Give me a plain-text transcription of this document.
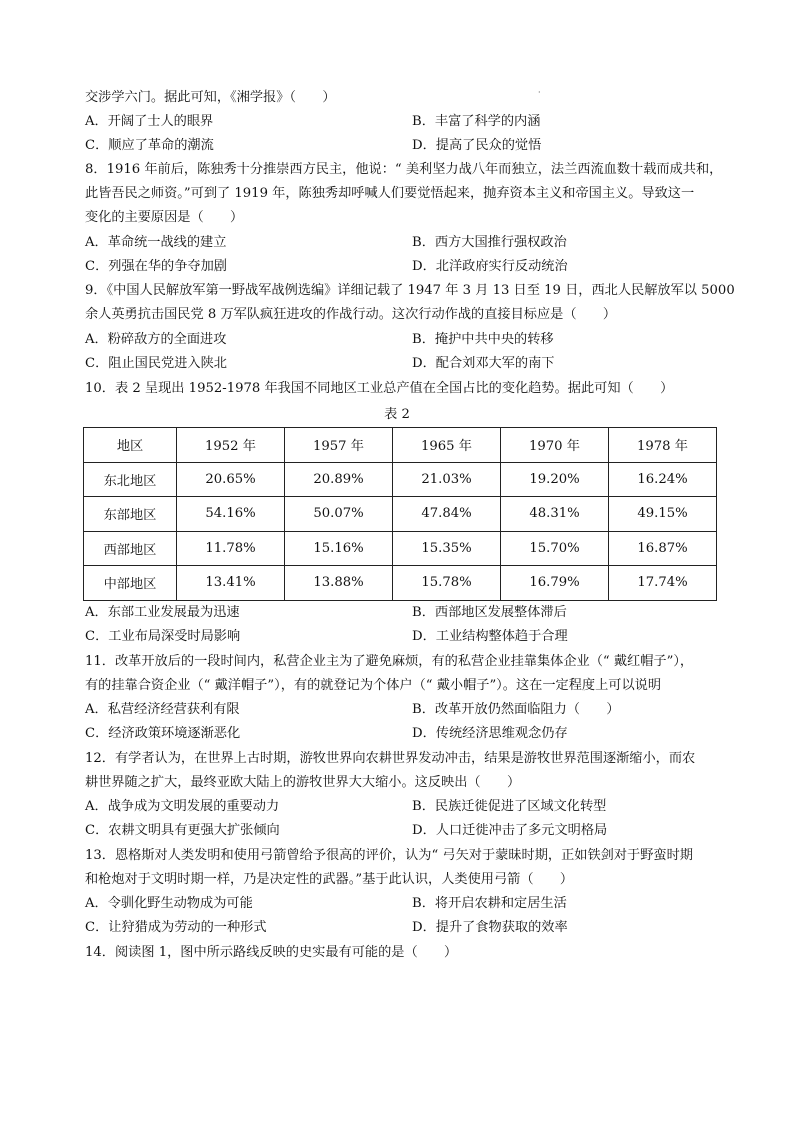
交涉学六门。据此可知，《湘学报》（　　）	·
A．开阔了士人的眼界	B．丰富了科学的内涵
C．顺应了革命的潮流	D．提高了民众的觉悟
8．1916 年前后，陈独秀十分推崇西方民主，他说：“ 美利坚力战八年而独立，法兰西流血数十载而成共和，
此皆吾民之师资。”可到了 1919 年，陈独秀却呼喊人们要觉悟起来，抛弃资本主义和帝国主义。导致这一
变化的主要原因是（　　）
A．革命统一战线的建立	B．西方大国推行强权政治
C．列强在华的争夺加剧	D．北洋政府实行反动统治
9．《中国人民解放军第一野战军战例选编》详细记载了 1947 年 3 月 13 日至 19 日，西北人民解放军以 5000
余人英勇抗击国民党 8 万军队疯狂进攻的作战行动。这次行动作战的直接目标应是（　　）
A．粉碎敌方的全面进攻	B．掩护中共中央的转移
C．阻止国民党进入陕北	D．配合刘邓大军的南下
10．表 2 呈现出 1952-1978 年我国不同地区工业总产值在全国占比的变化趋势。据此可知（　　）
表 2
地区	1952 年	1957 年	1965 年	1970 年	1978 年
东北地区	20.65%	20.89%	21.03%	19.20%	16.24%
东部地区	54.16%	50.07%	47.84%	48.31%	49.15%
西部地区	11.78%	15.16%	15.35%	15.70%	16.87%
中部地区	13.41%	13.88%	15.78%	16.79%	17.74%
A．东部工业发展最为迅速	B．西部地区发展整体滞后
C．工业布局深受时局影响	D．工业结构整体趋于合理
11．改革开放后的一段时间内，私营企业主为了避免麻烦，有的私营企业挂靠集体企业（“ 戴红帽子”），
有的挂靠合资企业（“ 戴洋帽子”），有的就登记为个体户（“ 戴小帽子”）。这在一定程度上可以说明
A．私营经济经营获利有限	B．改革开放仍然面临阻力（　　）
C．经济政策环境逐渐恶化	D．传统经济思维观念仍存
12．有学者认为，在世界上古时期，游牧世界向农耕世界发动冲击，结果是游牧世界范围逐渐缩小，而农
耕世界随之扩大，最终亚欧大陆上的游牧世界大大缩小。这反映出（　　）
A．战争成为文明发展的重要动力	B．民族迁徙促进了区域文化转型
C．农耕文明具有更强大扩张倾向	D．人口迁徙冲击了多元文明格局
13．恩格斯对人类发明和使用弓箭曾给予很高的评价，认为“ 弓矢对于蒙昧时期，正如铁剑对于野蛮时期
和枪炮对于文明时期一样，乃是决定性的武器。”基于此认识，人类使用弓箭（　　）
A．令驯化野生动物成为可能	B．将开启农耕和定居生活
C．让狩猎成为劳动的一种形式	D．提升了食物获取的效率
14．阅读图 1，图中所示路线反映的史实最有可能的是（　　）
